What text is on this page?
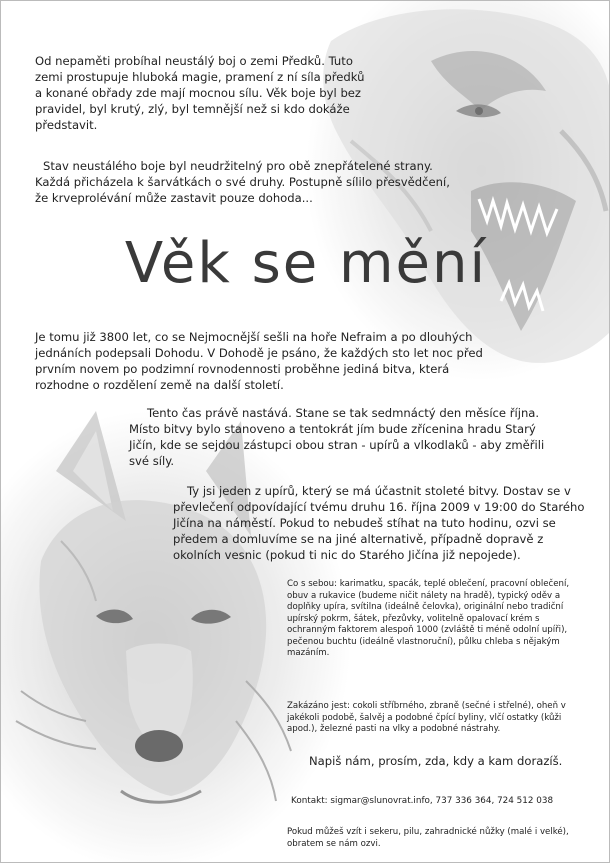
Od nepaměti probíhal neustálý boj o zemi Předků. Tuto zemi prostupuje hluboká magie, pramení z ní síla předků a konané obřady zde mají mocnou sílu. Věk boje byl bez pravidel, byl krutý, zlý, byl temnější než si kdo dokáže představit.

Stav neustálého boje byl neudržitelný pro obě znepřátelené strany. Každá přicházela k šarvátkách o své druhy. Postupně sílilo přesvědčení, že krveprolévání může zastavit pouze dohoda...

Věk se mění

Je tomu již 3800 let, co se Nejmocnější sešli na hoře Nefraim a po dlouhých jednáních podepsali Dohodu. V Dohodě je psáno, že každých sto let noc před prvním novem po podzimní rovnodennosti proběhne jediná bitva, která rozhodne o rozdělení země na další století.

Tento čas právě nastává. Stane se tak sedmnáctý den měsíce října. Místo bitvy bylo stanoveno a tentokrát jím bude zřícenina hradu Starý Jičín, kde se sejdou zástupci obou stran - upírů a vlkodlaků - aby změřili své síly.

Ty jsi jeden z upírů, který se má účastnit stoleté bitvy. Dostav se v převlečení odpovídající tvému druhu 16. října 2009 v 19:00 do Starého Jičína na náměstí. Pokud to nebudeš stíhat na tuto hodinu, ozvi se předem a domluvíme se na jiné alternativě, případně dopravě z okolních vesnic (pokud ti nic do Starého Jičína již nepojede).

Co s sebou: karimatku, spacák, teplé oblečení, pracovní oblečení, obuv a rukavice (budeme ničit nálety na hradě), typický oděv a doplňky upíra, svítilna (ideálně čelovka), originální nebo tradiční upírský pokrm, šátek, přezůvky, volitelně opalovací krém s ochranným faktorem alespoň 1000 (zvláště ti méně odolní upíři), pečenou buchtu (ideálně vlastnoruční), půlku chleba s nějakým mazáním.

Zakázáno jest: cokoli stříbrného, zbraně (sečné i střelné), oheň v jakékoli podobě, šalvěj a podobné čpící byliny, vlčí ostatky (kůži apod.), železné pasti na vlky a podobné nástrahy.

Napiš nám, prosím, zda, kdy a kam dorazíš.

Kontakt: sigmar@slunovrat.info, 737 336 364, 724 512 038

Pokud můžeš vzít i sekeru, pilu, zahradnické nůžky (malé i velké), obratem se nám ozvi.
